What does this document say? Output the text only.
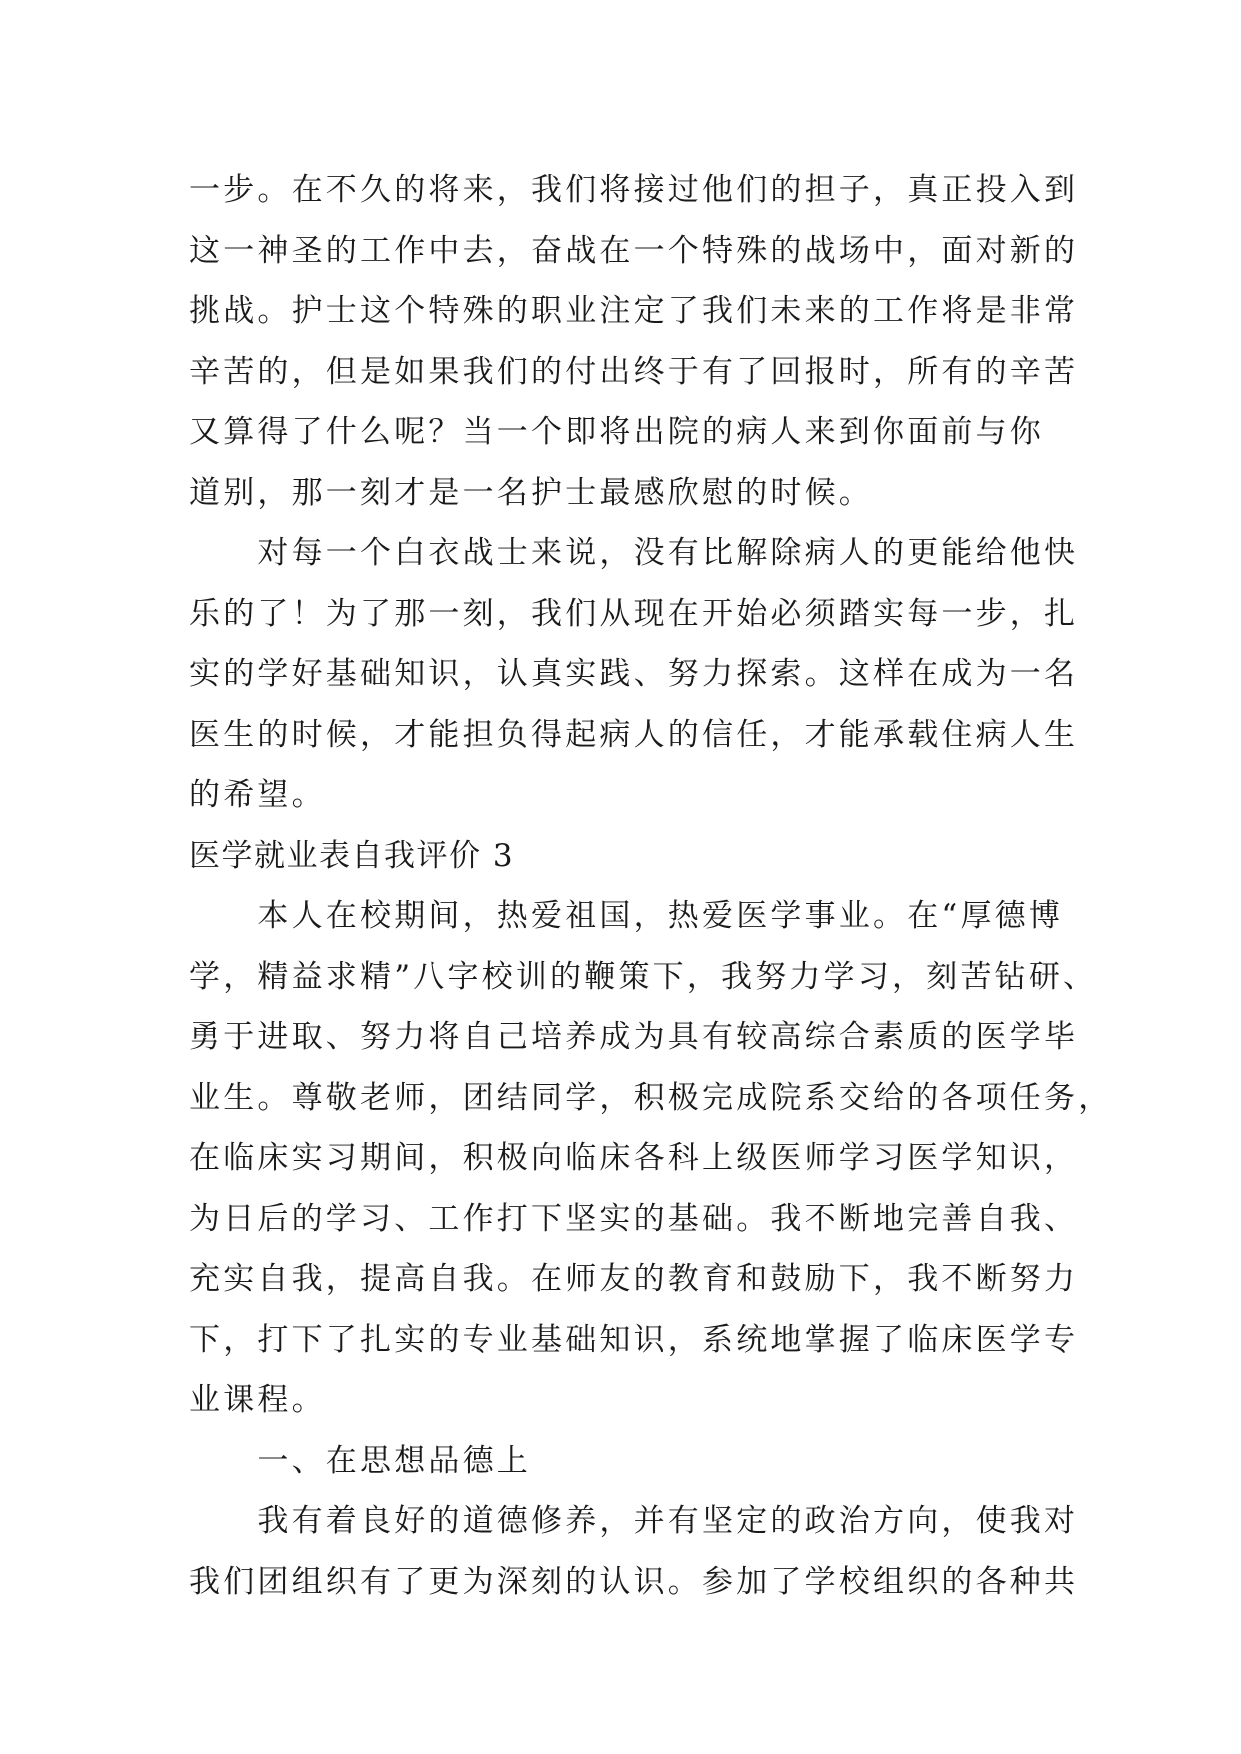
一步。在不久的将来，我们将接过他们的担子，真正投入到
这一神圣的工作中去，奋战在一个特殊的战场中，面对新的
挑战。护士这个特殊的职业注定了我们未来的工作将是非常
辛苦的，但是如果我们的付出终于有了回报时，所有的辛苦
又算得了什么呢？当一个即将出院的病人来到你面前与你
道别，那一刻才是一名护士最感欣慰的时候。
　　对每一个白衣战士来说，没有比解除病人的更能给他快
乐的了！为了那一刻，我们从现在开始必须踏实每一步，扎
实的学好基础知识，认真实践、努力探索。这样在成为一名
医生的时候，才能担负得起病人的信任，才能承载住病人生
的希望。
医学就业表自我评价 3
　　本人在校期间，热爱祖国，热爱医学事业。在“厚德博
学，精益求精”八字校训的鞭策下，我努力学习，刻苦钻研、
勇于进取、努力将自己培养成为具有较高综合素质的医学毕
业生。尊敬老师，团结同学，积极完成院系交给的各项任务，
在临床实习期间，积极向临床各科上级医师学习医学知识，
为日后的学习、工作打下坚实的基础。我不断地完善自我、
充实自我，提高自我。在师友的教育和鼓励下，我不断努力
下，打下了扎实的专业基础知识，系统地掌握了临床医学专
业课程。
　　一、在思想品德上
　　我有着良好的道德修养，并有坚定的政治方向，使我对
我们团组织有了更为深刻的认识。参加了学校组织的各种共
